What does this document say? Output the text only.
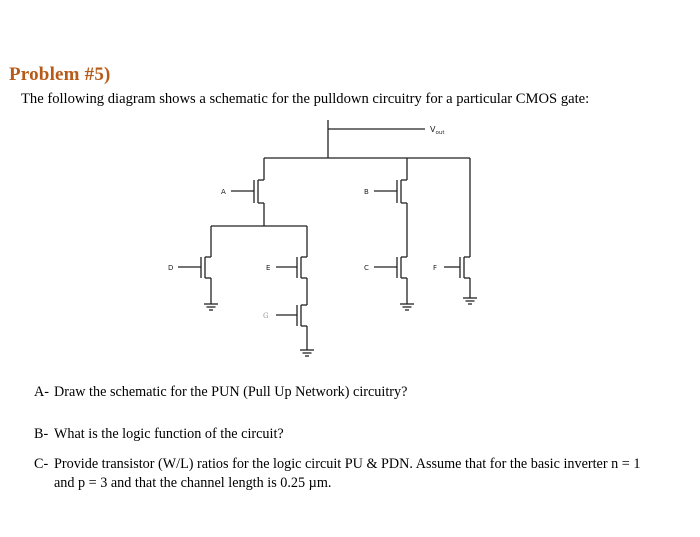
Problem #5)
The following diagram shows a schematic for the pulldown circuitry for a particular CMOS gate:
$V_{out}$
A
D	E
G
B
C	F
A- Draw the schematic for the PUN (Pull Up Network) circuitry?
B- What is the logic function of the circuit?
C- Provide transistor (W/L) ratios for the logic circuit PU & PDN. Assume that for the basic inverter n = 1
and p = 3 and that the channel length is 0.25 µm.
